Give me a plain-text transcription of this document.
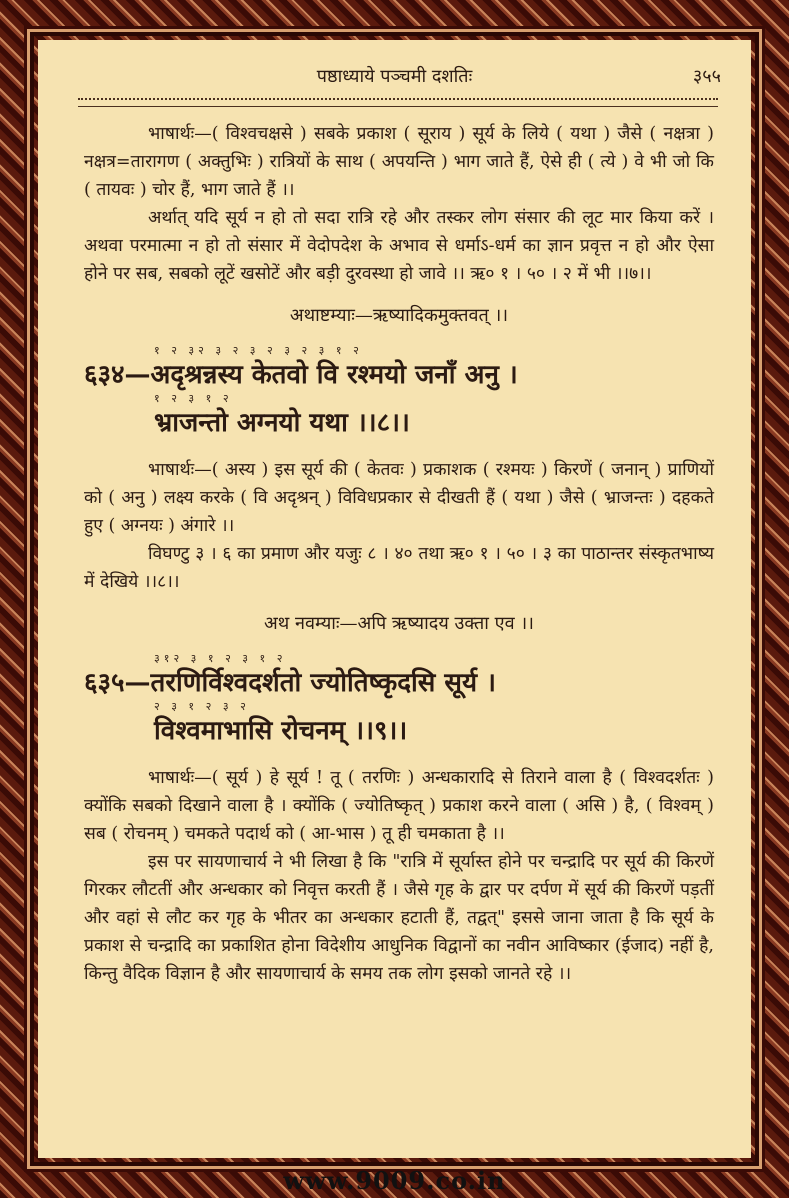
पष्ठाध्याये पञ्चमी दशतिः	३५५

भाषार्थः—( विश्वचक्षसे ) सबके प्रकाश ( सूराय ) सूर्य के लिये ( यथा ) जैसे ( नक्षत्रा ) नक्षत्र=तारागण ( अक्तुभिः ) रात्रियों के साथ ( अपयन्ति ) भाग जाते हैं, ऐसे ही ( त्ये ) वे भी जो कि ( तायवः ) चोर हैं, भाग जाते हैं ।।

अर्थात् यदि सूर्य न हो तो सदा रात्रि रहे और तस्कर लोग संसार की लूट मार किया करें । अथवा परमात्मा न हो तो संसार में वेदोपदेश के अभाव से धर्माऽ-धर्म का ज्ञान प्रवृत्त न हो और ऐसा होने पर सब, सबको लूटें खसोटें और बड़ी दुरवस्था हो जावे ।। ऋ० १ । ५० । २ में भी ।।७।।

अथाष्टम्याः—ऋष्यादिकमुक्तवत् ।।
१ २ ३२ ३ २ ३ २ ३ २ ३ १ २
६३४—अदृश्रन्नस्य केतवो वि रश्मयो जनाँ अनु ।
१ २ ३ १ २
भ्राजन्तो अग्नयो यथा ।।८।।

भाषार्थः—( अस्य ) इस सूर्य की ( केतवः ) प्रकाशक ( रश्मयः ) किरणें ( जनान् ) प्राणियों को ( अनु ) लक्ष्य करके ( वि अदृश्रन् ) विविधप्रकार से दीखती हैं ( यथा ) जैसे ( भ्राजन्तः ) दहकते हुए ( अग्नयः ) अंगारे ।।

विघण्टु ३ । ६ का प्रमाण और यजुः ८ । ४० तथा ऋ० १ । ५० । ३ का पाठान्तर संस्कृतभाष्य में देखिये ।।८।।

अथ नवम्याः—अपि ऋष्यादय उक्ता एव ।।
३१२ ३ १ २ ३ १ २
६३५—तरणिर्विश्वदर्शतो ज्योतिष्कृदसि सूर्य ।
२ ३ १ २ ३ २
विश्वमाभासि रोचनम् ।।९।।

भाषार्थः—( सूर्य ) हे सूर्य ! तू ( तरणिः ) अन्धकारादि से तिराने वाला है ( विश्वदर्शतः ) क्योंकि सबको दिखाने वाला है । क्योंकि ( ज्योतिष्कृत् ) प्रकाश करने वाला ( असि ) है, ( विश्वम् ) सब ( रोचनम् ) चमकते पदार्थ को ( आ-भास ) तू ही चमकाता है ।।

इस पर सायणाचार्य ने भी लिखा है कि "रात्रि में सूर्यास्त होने पर चन्द्रादि पर सूर्य की किरणें गिरकर लौटतीं और अन्धकार को निवृत्त करती हैं । जैसे गृह के द्वार पर दर्पण में सूर्य की किरणें पड़तीं और वहां से लौट कर गृह के भीतर का अन्धकार हटाती हैं, तद्वत्" इससे जाना जाता है कि सूर्य के प्रकाश से चन्द्रादि का प्रकाशित होना विदेशीय आधुनिक विद्वानों का नवीन आविष्कार (ईजाद) नहीं है, किन्तु वैदिक विज्ञान है और सायणाचार्य के समय तक लोग इसको जानते रहे ।।

www.9009.co.in
